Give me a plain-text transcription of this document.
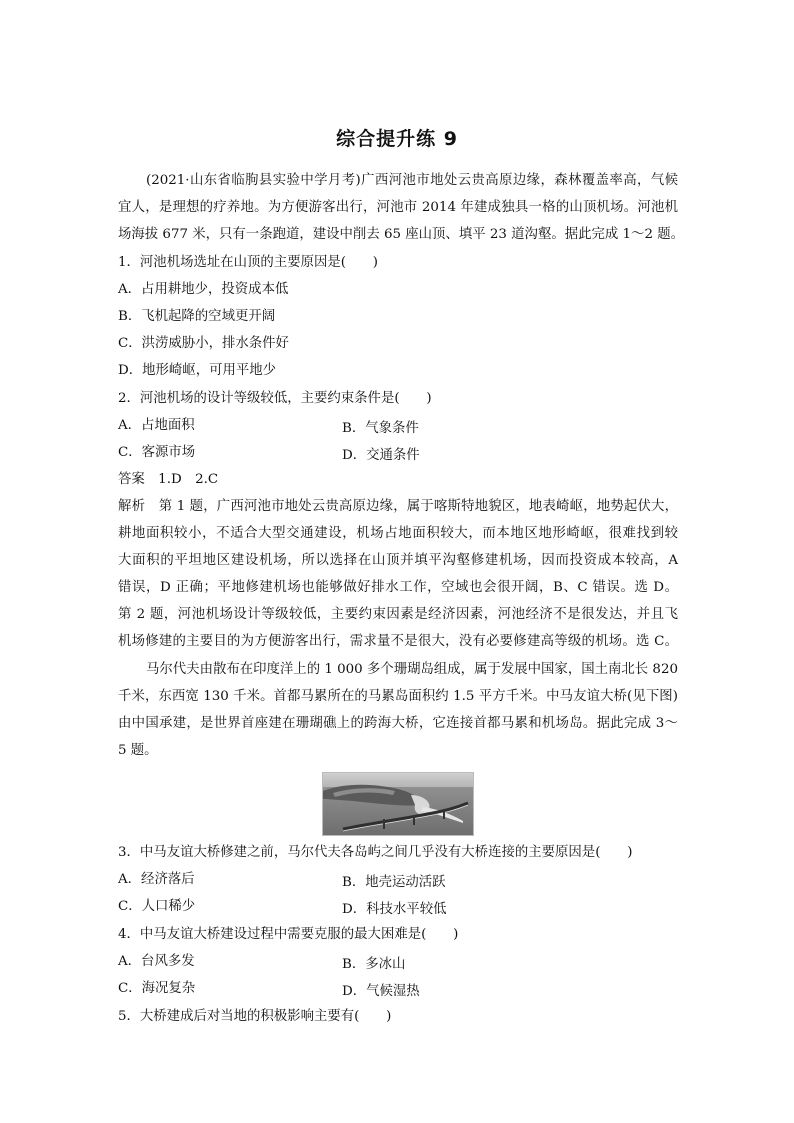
综合提升练 9
(2021·山东省临朐县实验中学月考)广西河池市地处云贵高原边缘，森林覆盖率高，气候
宜人，是理想的疗养地。为方便游客出行，河池市 2014 年建成独具一格的山顶机场。河池机
场海拔 677 米，只有一条跑道，建设中削去 65 座山顶、填平 23 道沟壑。据此完成 1～2 题。
1．河池机场选址在山顶的主要原因是(　　)
A．占用耕地少，投资成本低
B．飞机起降的空域更开阔
C．洪涝威胁小，排水条件好
D．地形崎岖，可用平地少
2．河池机场的设计等级较低，主要约束条件是(　　)
A．占地面积	B．气象条件
C．客源市场	D．交通条件
答案　1.D　2.C
解析　第 1 题，广西河池市地处云贵高原边缘，属于喀斯特地貌区，地表崎岖，地势起伏大，
耕地面积较小，不适合大型交通建设，机场占地面积较大，而本地区地形崎岖，很难找到较
大面积的平坦地区建设机场，所以选择在山顶并填平沟壑修建机场，因而投资成本较高，A
错误，D 正确；平地修建机场也能够做好排水工作，空域也会很开阔，B、C 错误。选 D。
第 2 题，河池机场设计等级较低，主要约束因素是经济因素，河池经济不是很发达，并且飞
机场修建的主要目的为方便游客出行，需求量不是很大，没有必要修建高等级的机场。选 C。
马尔代夫由散布在印度洋上的 1 000 多个珊瑚岛组成，属于发展中国家，国土南北长 820
千米，东西宽 130 千米。首都马累所在的马累岛面积约 1.5 平方千米。中马友谊大桥(见下图)
由中国承建，是世界首座建在珊瑚礁上的跨海大桥，它连接首都马累和机场岛。据此完成 3～
5 题。
3．中马友谊大桥修建之前，马尔代夫各岛屿之间几乎没有大桥连接的主要原因是(　　)
A．经济落后	B．地壳运动活跃
C．人口稀少	D．科技水平较低
4．中马友谊大桥建设过程中需要克服的最大困难是(　　)
A．台风多发	B．多冰山
C．海况复杂	D．气候湿热
5．大桥建成后对当地的积极影响主要有(　　)
